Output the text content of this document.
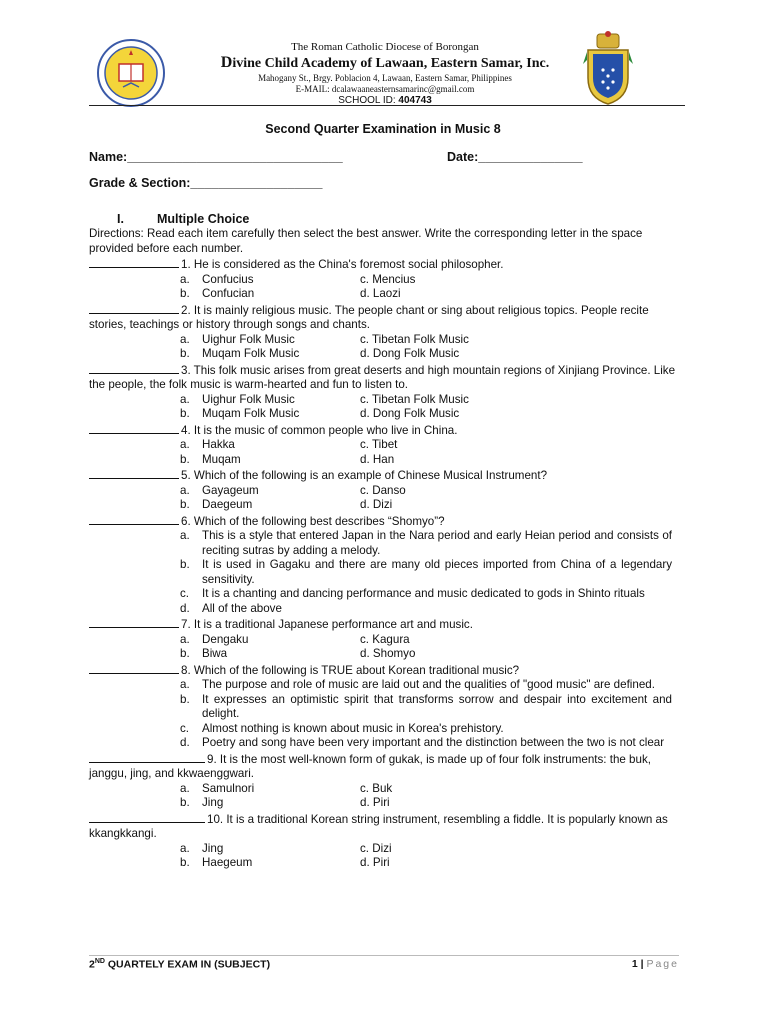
The Roman Catholic Diocese of Borongan
Divine Child Academy of Lawaan, Eastern Samar, Inc.
Mahogany St., Brgy. Poblacion 4, Lawaan, Eastern Samar, Philippines
E-MAIL: dcalawaaneasternsamarinc@gmail.com
SCHOOL ID: 404743
Second Quarter Examination in Music 8
Name:_______________________________	Date:_______________
Grade & Section:___________________
I.	Multiple Choice
Directions: Read each item carefully then select the best answer. Write the corresponding letter in the space provided before each number.
1. He is considered as the China's foremost social philosopher.
a.	Confucius	c. Mencius
b.	Confucian	d. Laozi
2. It is mainly religious music. The people chant or sing about religious topics. People recite stories, teachings or history through songs and chants.
a.	Uighur Folk Music	c. Tibetan Folk Music
b.	Muqam Folk Music	d. Dong Folk Music
3. This folk music arises from great deserts and high mountain regions of Xinjiang Province. Like the people, the folk music is warm-hearted and fun to listen to.
a.	Uighur Folk Music	c. Tibetan Folk Music
b.	Muqam Folk Music	d. Dong Folk Music
4. It is the music of common people who live in China.
a.	Hakka	c. Tibet
b.	Muqam	d. Han
5. Which of the following is an example of Chinese Musical Instrument?
a.	Gayageum	c. Danso
b.	Daegeum	d. Dizi
6. Which of the following best describes “Shomyo”?
a.	This is a style that entered Japan in the Nara period and early Heian period and consists of reciting sutras by adding a melody.
b.	It is used in Gagaku and there are many old pieces imported from China of a legendary sensitivity.
c.	It is a chanting and dancing performance and music dedicated to gods in Shinto rituals
d.	All of the above
7. It is a traditional Japanese performance art and music.
a.	Dengaku	c. Kagura
b.	Biwa	d. Shomyo
8. Which of the following is TRUE about Korean traditional music?
a.	The purpose and role of music are laid out and the qualities of "good music" are defined.
b.	It expresses an optimistic spirit that transforms sorrow and despair into excitement and delight.
c.	Almost nothing is known about music in Korea's prehistory.
d.	Poetry and song have been very important and the distinction between the two is not clear
9. It is the most well-known form of gukak, is made up of four folk instruments: the buk, janggu, jing, and kkwaenggwari.
a.	Samulnori	c. Buk
b.	Jing	d. Piri
10. It is a traditional Korean string instrument, resembling a fiddle. It is popularly known as kkangkkangi.
a.	Jing	c. Dizi
b.	Haegeum	d. Piri
2ND QUARTELY EXAM IN (SUBJECT)	1 | Page
